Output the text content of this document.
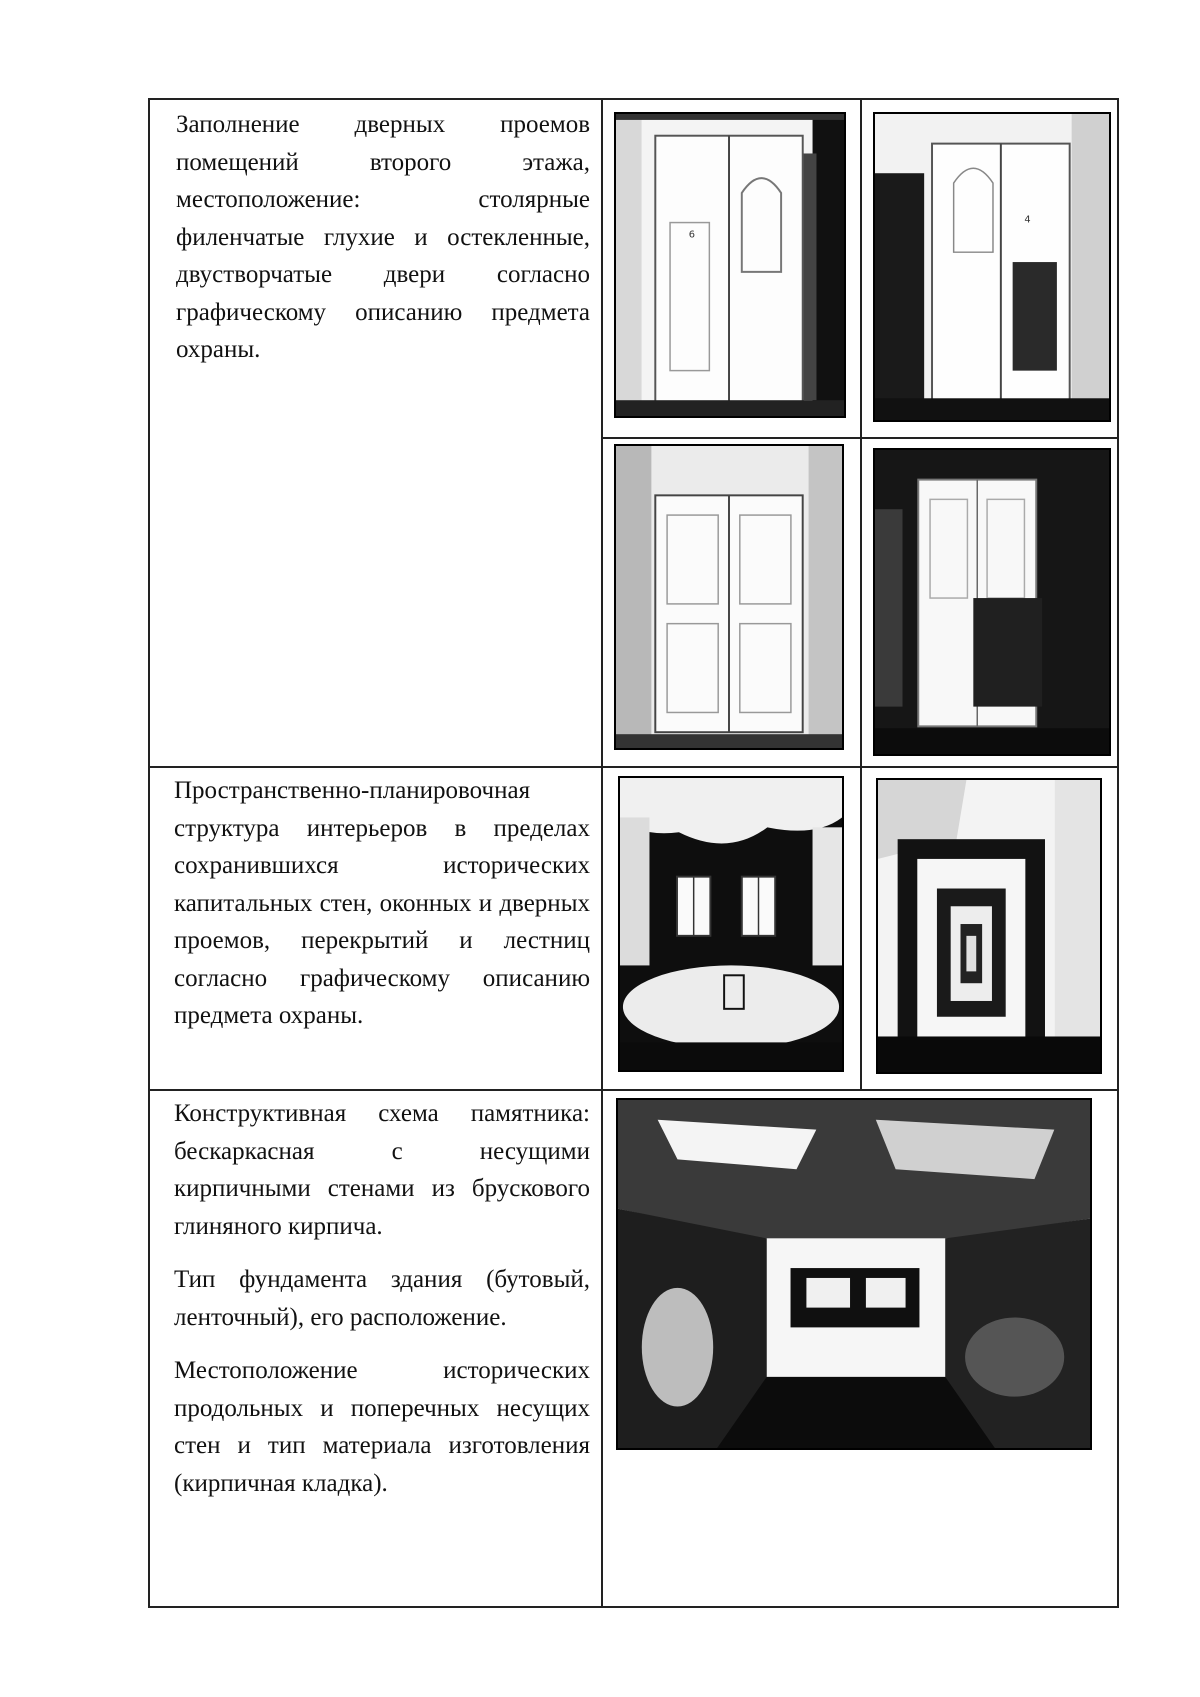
Заполнение дверных проемов помещений второго этажа, местоположение: столярные филенчатые глухие и остекленные, двустворчатые двери согласно графическому описанию предмета охраны.

6
4

Пространственно-планировочная структура интерьеров в пределах сохранившихся исторических капитальных стен, оконных и дверных проемов, перекрытий и лестниц согласно графическому описанию предмета охраны.

Конструктивная схема памятника: бескаркасная с несущими кирпичными стенами из брускового глиняного кирпича.

Тип фундамента здания (бутовый, ленточный), его расположение.

Местоположение исторических продольных и поперечных несущих стен и тип материала изготовления (кирпичная кладка).
